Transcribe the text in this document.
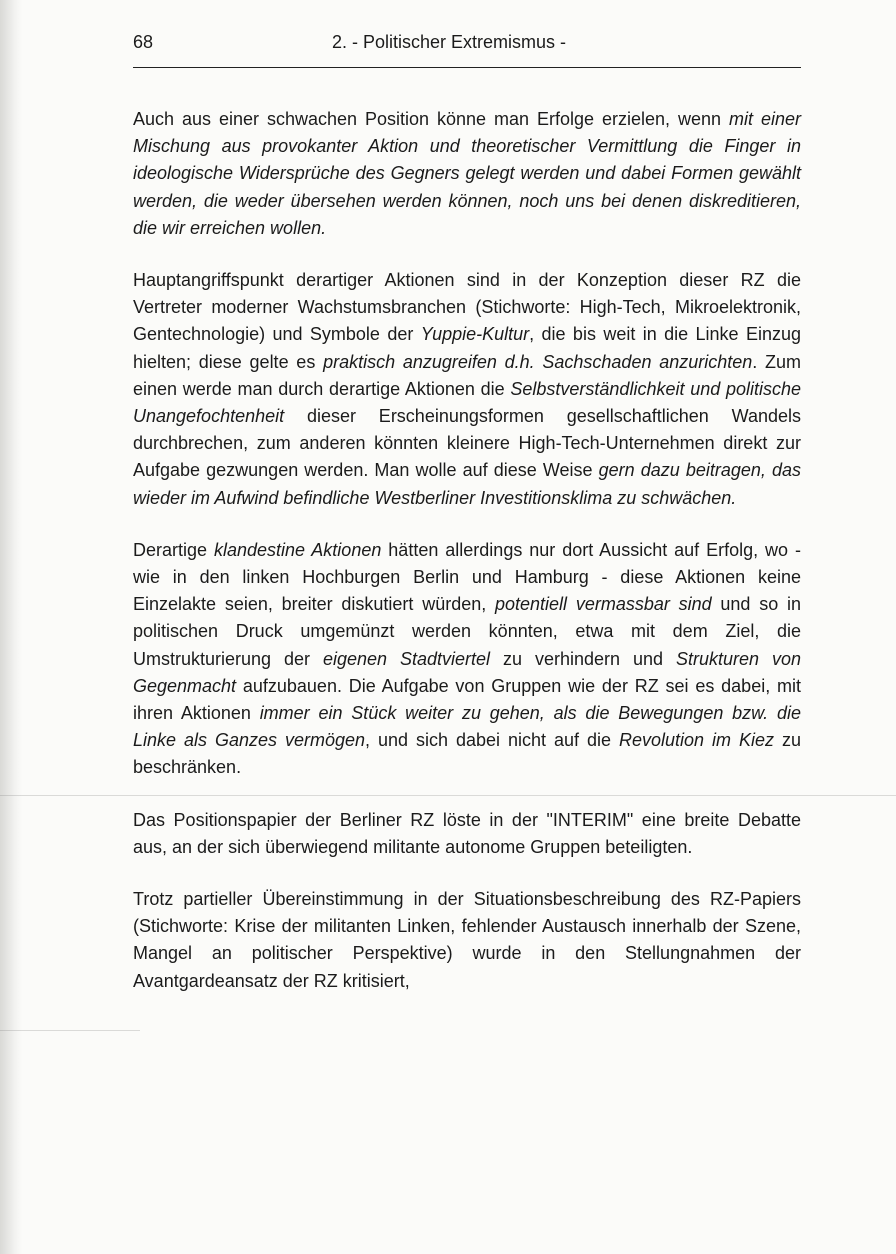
68	2. - Politischer Extremismus -

Auch aus einer schwachen Position könne man Erfolge erzielen, wenn mit einer Mischung aus provokanter Aktion und theoretischer Vermittlung die Finger in ideologische Widersprüche des Gegners gelegt werden und dabei Formen gewählt werden, die weder übersehen werden können, noch uns bei denen diskreditieren, die wir erreichen wollen.

Hauptangriffspunkt derartiger Aktionen sind in der Konzeption dieser RZ die Vertreter moderner Wachstumsbranchen (Stichworte: High-Tech, Mikroelektronik, Gentechnologie) und Symbole der Yuppie-Kultur, die bis weit in die Linke Einzug hielten; diese gelte es praktisch anzugreifen d.h. Sachschaden anzurichten. Zum einen werde man durch derartige Aktionen die Selbstverständlichkeit und politische Unangefochtenheit dieser Erscheinungsformen gesellschaftlichen Wandels durchbrechen, zum anderen könnten kleinere High-Tech-Unternehmen direkt zur Aufgabe gezwungen werden. Man wolle auf diese Weise gern dazu beitragen, das wieder im Aufwind befindliche Westberliner Investitionsklima zu schwächen.

Derartige klandestine Aktionen hätten allerdings nur dort Aussicht auf Erfolg, wo - wie in den linken Hochburgen Berlin und Hamburg - diese Aktionen keine Einzelakte seien, breiter diskutiert würden, potentiell vermassbar sind und so in politischen Druck umgemünzt werden könnten, etwa mit dem Ziel, die Umstrukturierung der eigenen Stadtviertel zu verhindern und Strukturen von Gegenmacht aufzubauen. Die Aufgabe von Gruppen wie der RZ sei es dabei, mit ihren Aktionen immer ein Stück weiter zu gehen, als die Bewegungen bzw. die Linke als Ganzes vermögen, und sich dabei nicht auf die Revolution im Kiez zu beschränken.

Das Positionspapier der Berliner RZ löste in der "INTERIM" eine breite Debatte aus, an der sich überwiegend militante autonome Gruppen beteiligten.

Trotz partieller Übereinstimmung in der Situationsbeschreibung des RZ-Papiers (Stichworte: Krise der militanten Linken, fehlender Austausch innerhalb der Szene, Mangel an politischer Perspektive) wurde in den Stellungnahmen der Avantgardeansatz der RZ kritisiert,
